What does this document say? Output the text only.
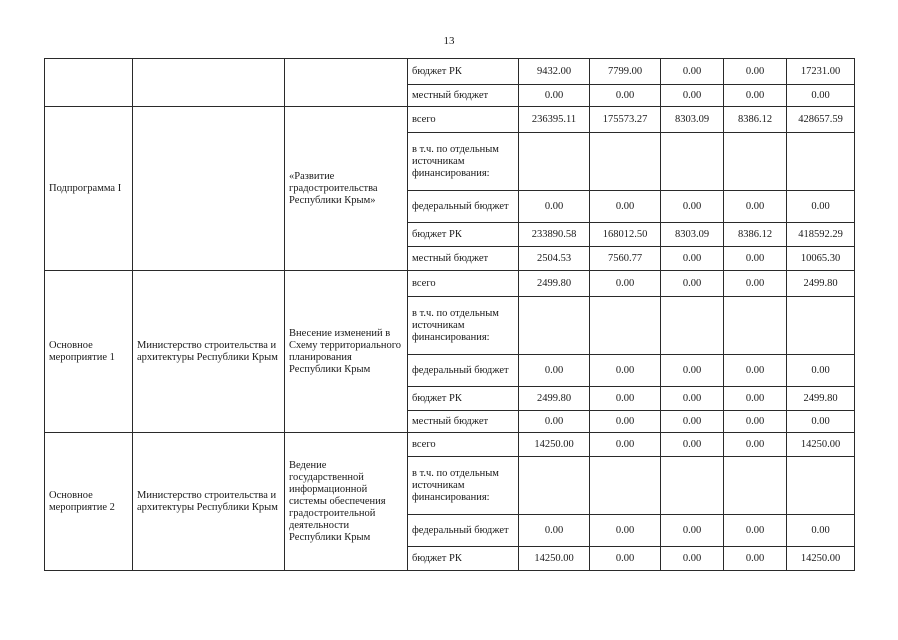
13
			бюджет РК	9432.00	7799.00	0.00	0.00	17231.00
			местный бюджет	0.00	0.00	0.00	0.00	0.00
Подпрограмма I		«Развитие градостроительства Республики Крым»	всего	236395.11	175573.27	8303.09	8386.12	428657.59
			в т.ч. по отдельным источникам финансирования:					
			федеральный бюджет	0.00	0.00	0.00	0.00	0.00
			бюджет РК	233890.58	168012.50	8303.09	8386.12	418592.29
			местный бюджет	2504.53	7560.77	0.00	0.00	10065.30
Основное мероприятие 1	Министерство строительства и архитектуры Республики Крым	Внесение изменений в Схему территориального планирования Республики Крым	всего	2499.80	0.00	0.00	0.00	2499.80
			в т.ч. по отдельным источникам финансирования:					
			федеральный бюджет	0.00	0.00	0.00	0.00	0.00
			бюджет РК	2499.80	0.00	0.00	0.00	2499.80
			местный бюджет	0.00	0.00	0.00	0.00	0.00
Основное мероприятие 2	Министерство строительства и архитектуры Республики Крым	Ведение государственной информационной системы обеспечения градостроительной деятельности Республики Крым	всего	14250.00	0.00	0.00	0.00	14250.00
			в т.ч. по отдельным источникам финансирования:					
			федеральный бюджет	0.00	0.00	0.00	0.00	0.00
			бюджет РК	14250.00	0.00	0.00	0.00	14250.00
